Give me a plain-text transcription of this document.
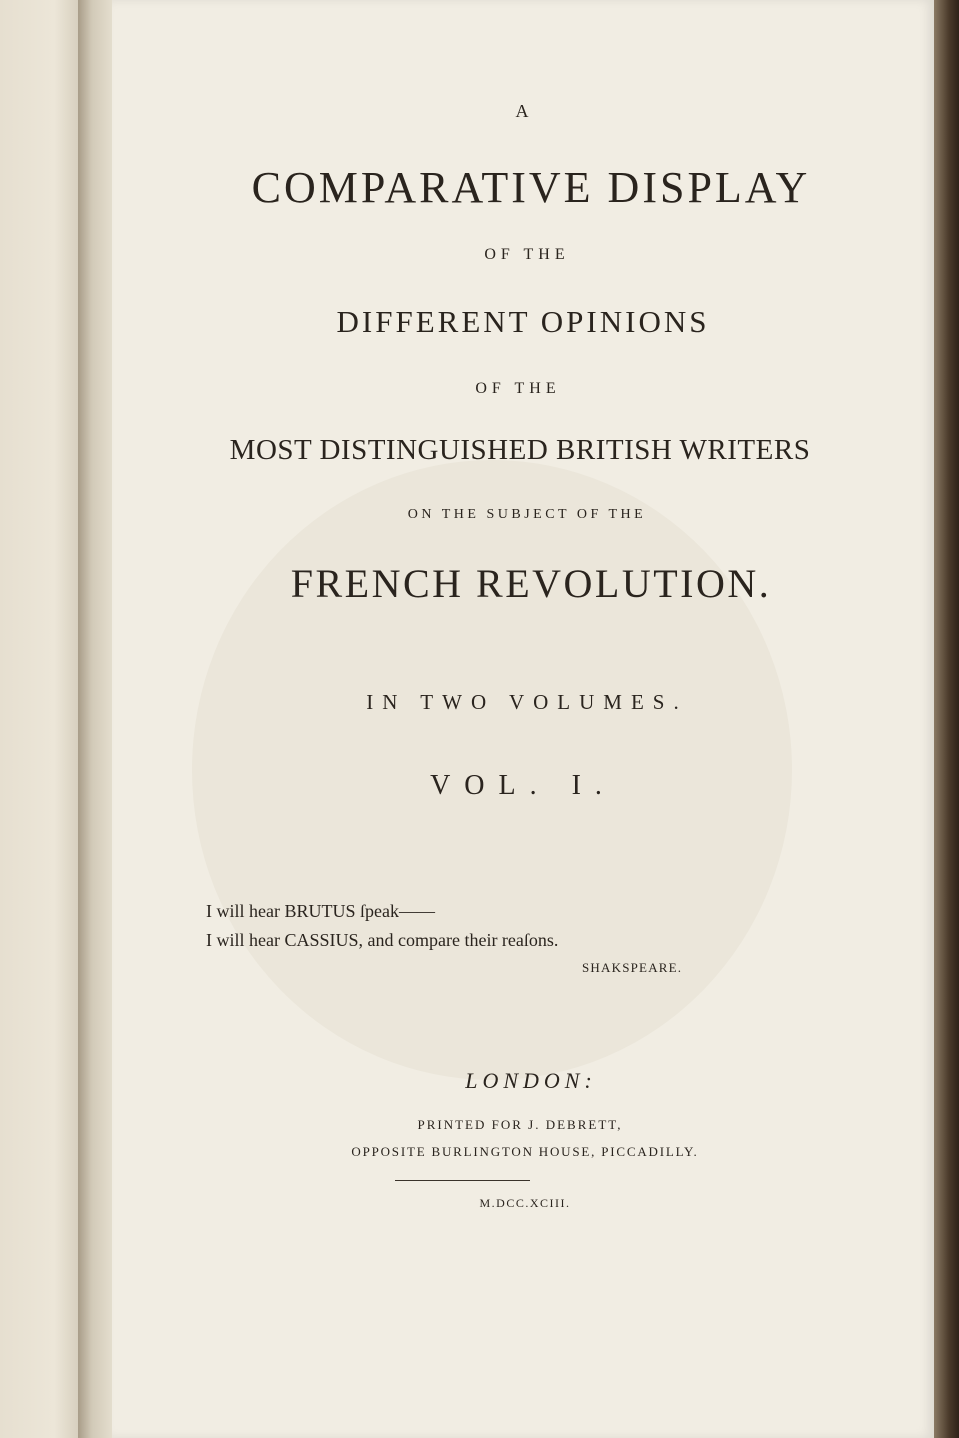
A

COMPARATIVE DISPLAY

OF THE

DIFFERENT OPINIONS

OF THE

MOST DISTINGUISHED BRITISH WRITERS

ON THE SUBJECT OF THE

FRENCH REVOLUTION.

IN TWO VOLUMES.

VOL. I.

I will hear BRUTUS ſpeak——

I will hear CASSIUS, and compare their reaſons.

SHAKSPEARE.

LONDON:

PRINTED FOR J. DEBRETT,

OPPOSITE BURLINGTON HOUSE, PICCADILLY.

M.DCC.XCIII.
